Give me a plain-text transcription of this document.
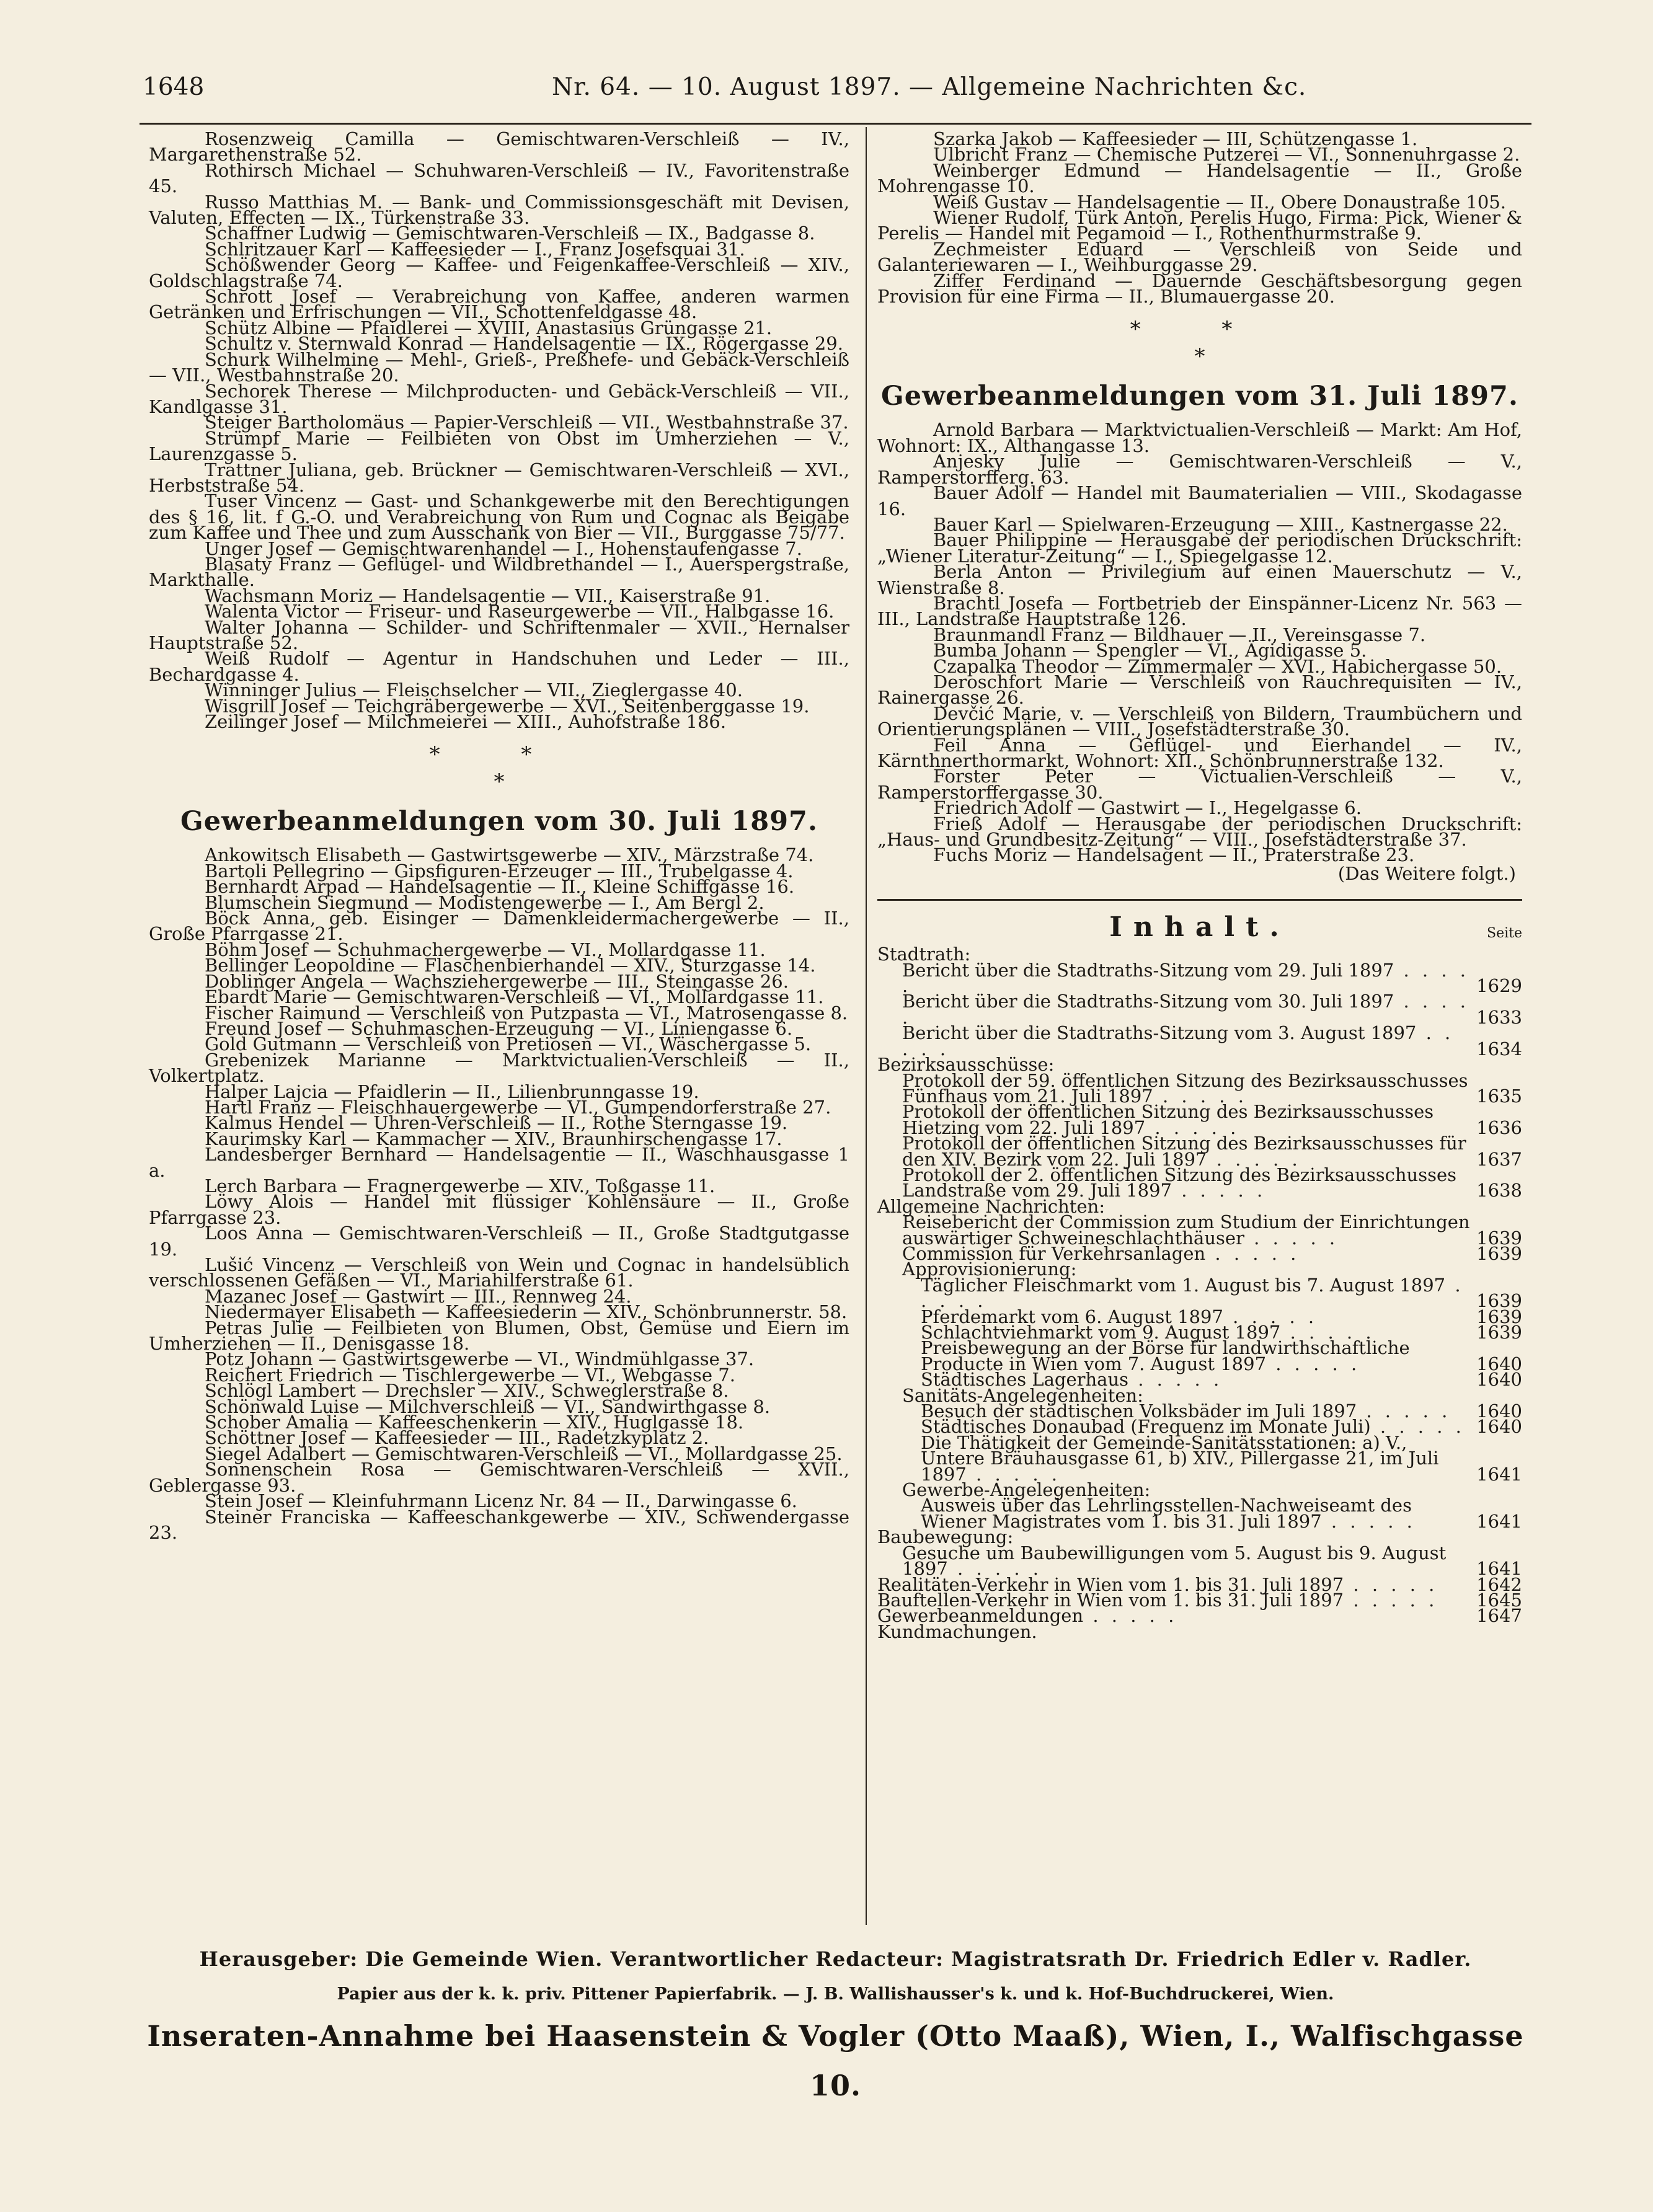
1648	Nr. 64. — 10. August 1897. — Allgemeine Nachrichten &c.

Rosenzweig Camilla — Gemischtwaren-Verschleiß — IV., Margarethenstraße 52.

Rothirsch Michael — Schuhwaren-Verschleiß — IV., Favoritenstraße 45.

Russo Matthias M. — Bank- und Commissionsgeschäft mit Devisen, Valuten, Effecten — IX., Türkenstraße 33.

Schaffner Ludwig — Gemischtwaren-Verschleiß — IX., Badgasse 8.

Schlritzauer Karl — Kaffeesieder — I., Franz Josefsquai 31.

Schößwender Georg — Kaffee- und Feigenkaffee-Verschleiß — XIV., Goldschlagstraße 74.

Schrott Josef — Verabreichung von Kaffee, anderen warmen Getränken und Erfrischungen — VII., Schottenfeldgasse 48.

Schütz Albine — Pfaidlerei — XVIII, Anastasius Grüngasse 21.

Schultz v. Sternwald Konrad — Handelsagentie — IX., Rögergasse 29.

Schurk Wilhelmine — Mehl-, Grieß-, Preßhefe- und Gebäck-Verschleiß — VII., Westbahnstraße 20.

Sechorek Therese — Milchproducten- und Gebäck-Verschleiß — VII., Kandlgasse 31.

Steiger Bartholomäus — Papier-Verschleiß — VII., Westbahnstraße 37.

Strümpf Marie — Feilbieten von Obst im Umherziehen — V., Laurenzgasse 5.

Trattner Juliana, geb. Brückner — Gemischtwaren-Verschleiß — XVI., Herbststraße 54.

Tuser Vincenz — Gast- und Schankgewerbe mit den Berechtigungen des § 16, lit. f G.-O. und Verabreichung von Rum und Cognac als Beigabe zum Kaffee und Thee und zum Ausschank von Bier — VII., Burggasse 75/77.

Unger Josef — Gemischtwarenhandel — I., Hohenstaufengasse 7.

Blasaty Franz — Geflügel- und Wildbrethandel — I., Auerspergstraße, Markthalle.

Wachsmann Moriz — Handelsagentie — VII., Kaiserstraße 91.

Walenta Victor — Friseur- und Raseurgewerbe — VII., Halbgasse 16.

Walter Johanna — Schilder- und Schriftenmaler — XVII., Hernalser Hauptstraße 52.

Weiß Rudolf — Agentur in Handschuhen und Leder — III., Bechardgasse 4.

Winninger Julius — Fleischselcher — VII., Zieglergasse 40.

Wisgrill Josef — Teichgräbergewerbe — XVI., Seitenberggasse 19.

Zeilinger Josef — Milchmeierei — XIII., Auhofstraße 186.

* *
*
Gewerbeanmeldungen vom 30. Juli 1897.

Ankowitsch Elisabeth — Gastwirtsgewerbe — XIV., Märzstraße 74.

Bartoli Pellegrino — Gipsfiguren-Erzeuger — III., Trubelgasse 4.

Bernhardt Arpad — Handelsagentie — II., Kleine Schiffgasse 16.

Blumschein Siegmund — Modistengewerbe — I., Am Bergl 2.

Böck Anna, geb. Eisinger — Damenkleidermachergewerbe — II., Große Pfarrgasse 21.

Böhm Josef — Schuhmachergewerbe — VI., Mollardgasse 11.

Bellinger Leopoldine — Flaschenbierhandel — XIV., Sturzgasse 14.

Doblinger Angela — Wachsziehergewerbe — III., Steingasse 26.

Ebardt Marie — Gemischtwaren-Verschleiß — VI., Mollardgasse 11.

Fischer Raimund — Verschleiß von Putzpasta — VI., Matrosengasse 8.

Freund Josef — Schuhmaschen-Erzeugung — VI., Liniengasse 6.

Gold Gutmann — Verschleiß von Pretiosen — VI., Wäschergasse 5.

Grebenizek Marianne — Marktvictualien-Verschleiß — II., Volkertplatz.

Halper Lajcia — Pfaidlerin — II., Lilienbrunngasse 19.

Hartl Franz — Fleischhauergewerbe — VI., Gumpendorferstraße 27.

Kalmus Hendel — Uhren-Verschleiß — II., Rothe Sterngasse 19.

Kaurimsky Karl — Kammacher — XIV., Braunhirschengasse 17.

Landesberger Bernhard — Handelsagentie — II., Waschhausgasse 1 a.

Lerch Barbara — Fragnergewerbe — XIV., Toßgasse 11.

Löwy Alois — Handel mit flüssiger Kohlensäure — II., Große Pfarrgasse 23.

Loos Anna — Gemischtwaren-Verschleiß — II., Große Stadtgutgasse 19.

Lušić Vincenz — Verschleiß von Wein und Cognac in handelsüblich verschlossenen Gefäßen — VI., Mariahilferstraße 61.

Mazanec Josef — Gastwirt — III., Rennweg 24.

Niedermayer Elisabeth — Kaffeesiederin — XIV., Schönbrunnerstr. 58.

Petras Julie — Feilbieten von Blumen, Obst, Gemüse und Eiern im Umherziehen — II., Denisgasse 18.

Potz Johann — Gastwirtsgewerbe — VI., Windmühlgasse 37.

Reichert Friedrich — Tischlergewerbe — VI., Webgasse 7.

Schlögl Lambert — Drechsler — XIV., Schweglerstraße 8.

Schönwald Luise — Milchverschleiß — VI., Sandwirthgasse 8.

Schober Amalia — Kaffeeschenkerin — XIV., Huglgasse 18.

Schöttner Josef — Kaffeesieder — III., Radetzkyplatz 2.

Siegel Adalbert — Gemischtwaren-Verschleiß — VI., Mollardgasse 25.

Sonnenschein Rosa — Gemischtwaren-Verschleiß — XVII., Geblergasse 93.

Stein Josef — Kleinfuhrmann Licenz Nr. 84 — II., Darwingasse 6.

Steiner Franciska — Kaffeeschankgewerbe — XIV., Schwendergasse 23.

Szarka Jakob — Kaffeesieder — III, Schützengasse 1.

Ulbricht Franz — Chemische Putzerei — VI., Sonnenuhrgasse 2.

Weinberger Edmund — Handelsagentie — II., Große Mohrengasse 10.

Weiß Gustav — Handelsagentie — II., Obere Donaustraße 105.

Wiener Rudolf, Türk Anton, Perelis Hugo, Firma: Pick, Wiener & Perelis — Handel mit Pegamoid — I., Rothenthurmstraße 9.

Zechmeister Eduard — Verschleiß von Seide und Galanteriewaren — I., Weihburggasse 29.

Ziffer Ferdinand — Dauernde Geschäftsbesorgung gegen Provision für eine Firma — II., Blumauergasse 20.

* *
*
Gewerbeanmeldungen vom 31. Juli 1897.

Arnold Barbara — Marktvictualien-Verschleiß — Markt: Am Hof, Wohnort: IX., Althangasse 13.

Anjesky Julie — Gemischtwaren-Verschleiß — V., Ramperstorfferg. 63.

Bauer Adolf — Handel mit Baumaterialien — VIII., Skodagasse 16.

Bauer Karl — Spielwaren-Erzeugung — XIII., Kastnergasse 22.

Bauer Philippine — Herausgabe der periodischen Druckschrift: „Wiener Literatur-Zeitung“ — I., Spiegelgasse 12.

Berla Anton — Privilegium auf einen Mauerschutz — V., Wienstraße 8.

Brachtl Josefa — Fortbetrieb der Einspänner-Licenz Nr. 563 — III., Landstraße Hauptstraße 126.

Braunmandl Franz — Bildhauer — II., Vereinsgasse 7.

Bumba Johann — Spengler — VI., Ägidigasse 5.

Czapalka Theodor — Zimmermaler — XVI., Habichergasse 50.

Deroschfort Marie — Verschleiß von Rauchrequisiten — IV., Rainergasse 26.

Devčić Marie, v. — Verschleiß von Bildern, Traumbüchern und Orientierungsplänen — VIII., Josefstädterstraße 30.

Feil Anna — Geflügel- und Eierhandel — IV., Kärnthnerthormarkt, Wohnort: XII., Schönbrunnerstraße 132.

Forster Peter — Victualien-Verschleiß — V., Ramperstorffergasse 30.

Friedrich Adolf — Gastwirt — I., Hegelgasse 6.

Frieß Adolf — Herausgabe der periodischen Druckschrift: „Haus- und Grundbesitz-Zeitung“ — VIII., Josefstädterstraße 37.

Fuchs Moriz — Handelsagent — II., Praterstraße 23.

(Das Weitere folgt.)
Inhalt.	Seite

Stadtrath:

Bericht über die Stadtraths-Sitzung vom 29. Juli 1897 . . . . .	1629

Bericht über die Stadtraths-Sitzung vom 30. Juli 1897 . . . . .	1633

Bericht über die Stadtraths-Sitzung vom 3. August 1897 . . . . .	1634

Bezirksausschüsse:

Protokoll der 59. öffentlichen Sitzung des Bezirksausschusses Fünfhaus vom 21. Juli 1897 . . . . .	1635

Protokoll der öffentlichen Sitzung des Bezirksausschusses Hietzing vom 22. Juli 1897 . . . . .	1636

Protokoll der öffentlichen Sitzung des Bezirksausschusses für den XIV. Bezirk vom 22. Juli 1897 . . . . .	1637

Protokoll der 2. öffentlichen Sitzung des Bezirksausschusses Landstraße vom 29. Juli 1897 . . . . .	1638

Allgemeine Nachrichten:

Reisebericht der Commission zum Studium der Einrichtungen auswärtiger Schweineschlachthäuser . . . . .	1639

Commission für Verkehrsanlagen . . . . .	1639

Approvisionierung:

Täglicher Fleischmarkt vom 1. August bis 7. August 1897 . . . . .	1639

Pferdemarkt vom 6. August 1897 . . . . .	1639

Schlachtviehmarkt vom 9. August 1897 . . . . .	1639

Preisbewegung an der Börse für landwirthschaftliche Producte in Wien vom 7. August 1897 . . . . .	1640

Städtisches Lagerhaus . . . . .	1640

Sanitäts-Angelegenheiten:

Besuch der städtischen Volksbäder im Juli 1897 . . . . . 1640

Städtisches Donaubad (Frequenz im Monate Juli) . . . . . 1640

Die Thätigkeit der Gemeinde-Sanitätsstationen: a) V., Untere Bräuhausgasse 61, b) XIV., Pillergasse 21, im Juli 1897 . . . . .	1641

Gewerbe-Angelegenheiten:

Ausweis über das Lehrlingsstellen-Nachweiseamt des Wiener Magistrates vom 1. bis 31. Juli 1897 . . . . .	1641

Baubewegung:

Gesuche um Baubewilligungen vom 5. August bis 9. August 1897 . . . . .	1641

Realitäten-Verkehr in Wien vom 1. bis 31. Juli 1897 . . . . . 1642

Bauftellen-Verkehr in Wien vom 1. bis 31. Juli 1897 . . . . . 1645

Gewerbeanmeldungen . . . . .	1647

Kundmachungen.

Herausgeber: Die Gemeinde Wien. Verantwortlicher Redacteur: Magistratsrath Dr. Friedrich Edler v. Radler.
Papier aus der k. k. priv. Pittener Papierfabrik. — J. B. Wallishausser's k. und k. Hof-Buchdruckerei, Wien.
Inseraten-Annahme bei Haasenstein & Vogler (Otto Maaß), Wien, I., Walfischgasse 10.
